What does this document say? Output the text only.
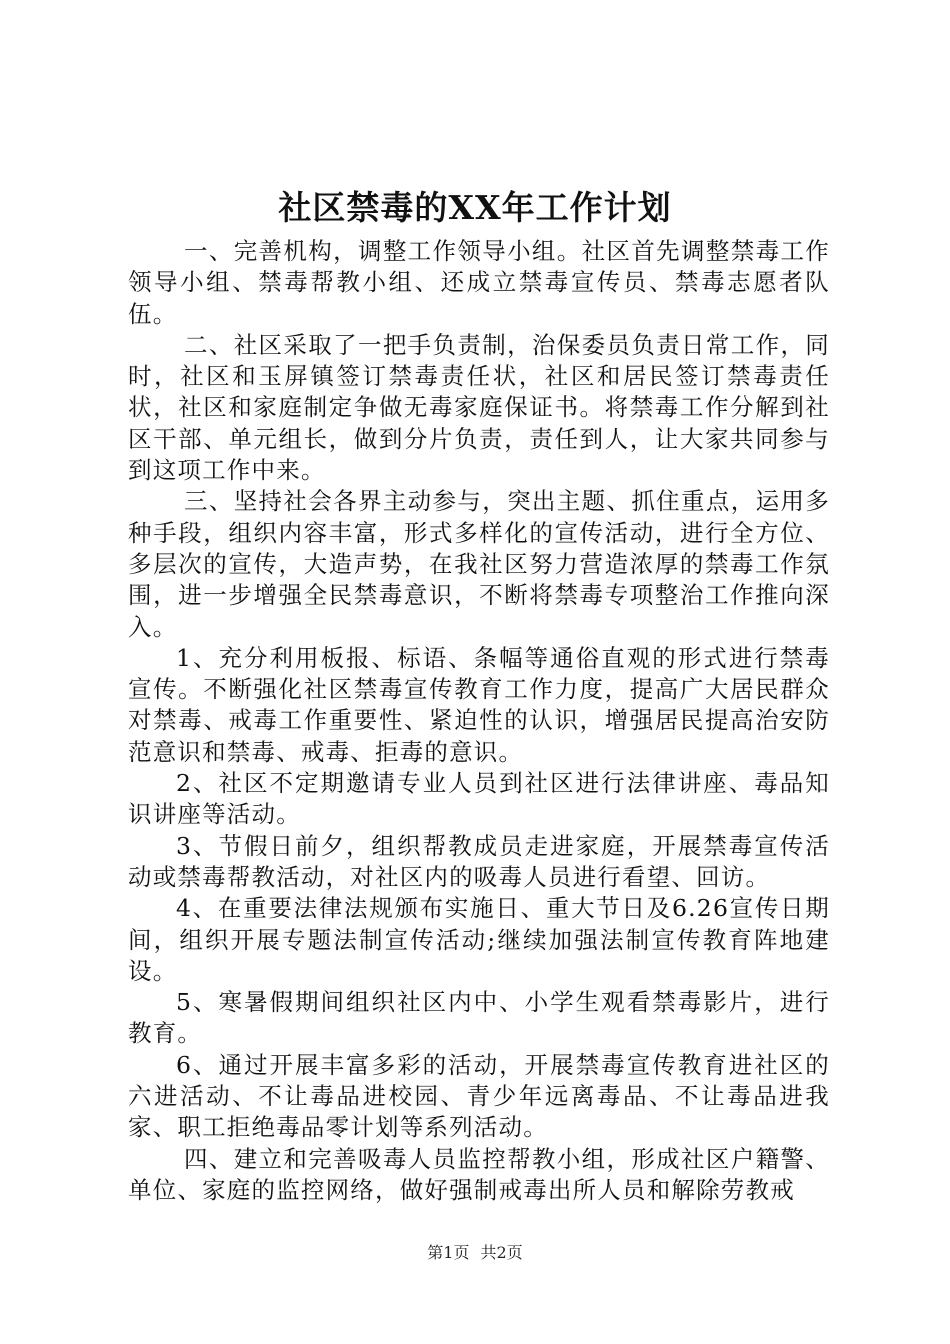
社区禁毒的XX年工作计划

一、完善机构，调整工作领导小组。社区首先调整禁毒工作领导小组、禁毒帮教小组、还成立禁毒宣传员、禁毒志愿者队伍。

二、社区采取了一把手负责制，治保委员负责日常工作，同时，社区和玉屏镇签订禁毒责任状，社区和居民签订禁毒责任状，社区和家庭制定争做无毒家庭保证书。将禁毒工作分解到社区干部、单元组长，做到分片负责，责任到人，让大家共同参与到这项工作中来。

三、坚持社会各界主动参与，突出主题、抓住重点，运用多种手段，组织内容丰富，形式多样化的宣传活动，进行全方位、多层次的宣传，大造声势，在我社区努力营造浓厚的禁毒工作氛围，进一步增强全民禁毒意识，不断将禁毒专项整治工作推向深入。

1、充分利用板报、标语、条幅等通俗直观的形式进行禁毒宣传。不断强化社区禁毒宣传教育工作力度，提高广大居民群众对禁毒、戒毒工作重要性、紧迫性的认识，增强居民提高治安防范意识和禁毒、戒毒、拒毒的意识。

2、社区不定期邀请专业人员到社区进行法律讲座、毒品知识讲座等活动。

3、节假日前夕，组织帮教成员走进家庭，开展禁毒宣传活动或禁毒帮教活动，对社区内的吸毒人员进行看望、回访。

4、在重要法律法规颁布实施日、重大节日及6.26宣传日期间，组织开展专题法制宣传活动;继续加强法制宣传教育阵地建设。

5、寒暑假期间组织社区内中、小学生观看禁毒影片，进行教育。

6、通过开展丰富多彩的活动，开展禁毒宣传教育进社区的六进活动、不让毒品进校园、青少年远离毒品、不让毒品进我家、职工拒绝毒品零计划等系列活动。

四、建立和完善吸毒人员监控帮教小组，形成社区户籍警、单位、家庭的监控网络，做好强制戒毒出所人员和解除劳教戒

第1页 共2页
